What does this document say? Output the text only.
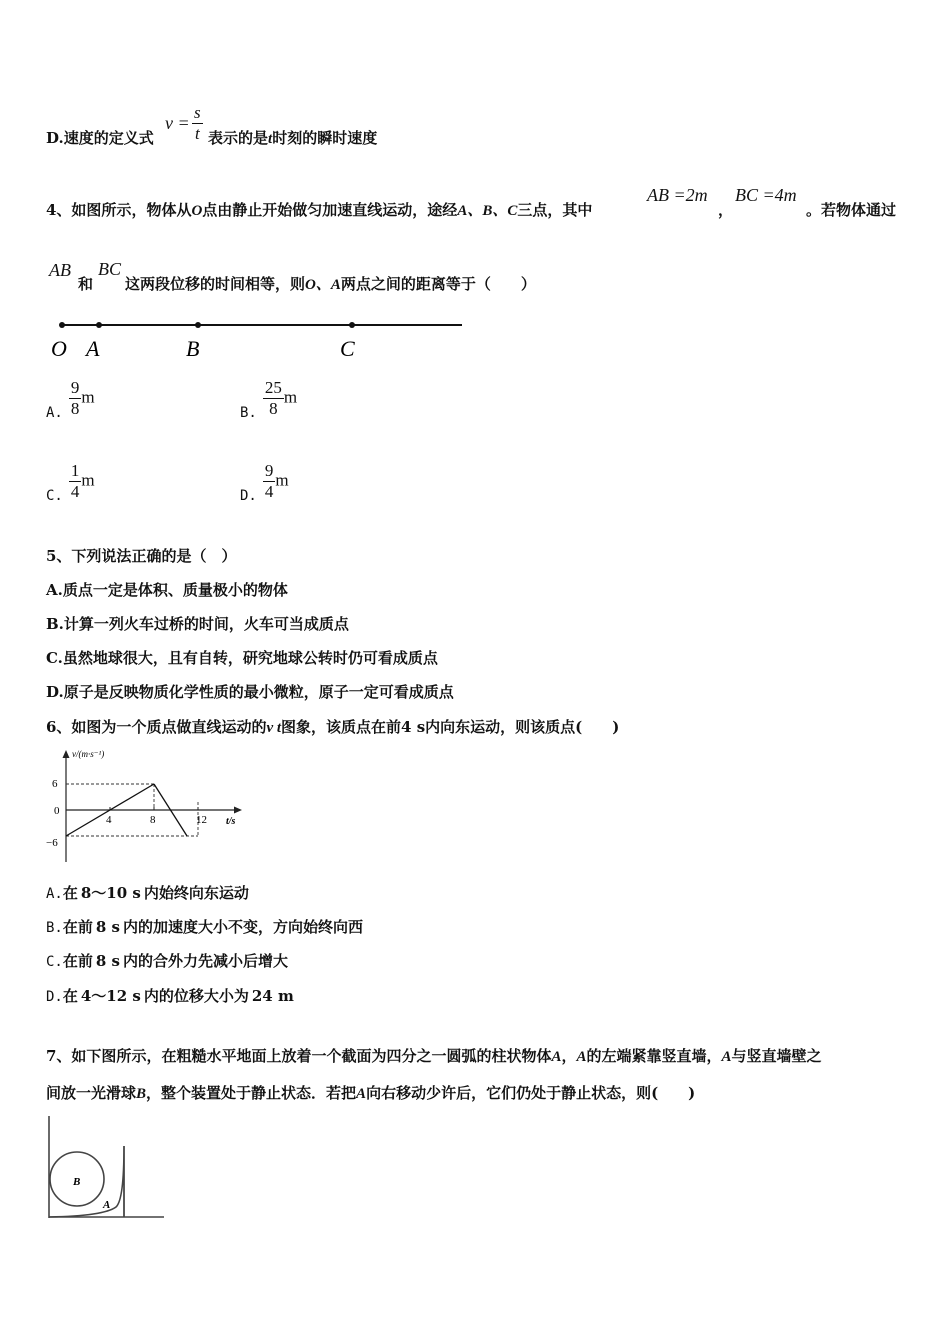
D.速度的定义式
$v = \frac{s}{t}$ 表示的是t时刻的瞬时速度
4、如图所示，物体从O点由静止开始做匀加速直线运动，途经A、B、C三点，其中
AB =2m
，
BC =4m
。若物体通过
AB
和
BC
这两段位移的时间相等，则O、A两点之间的距离等于（　　）
O A	B	C
A. $\frac{9}{8}$ m
B. $\frac{25}{8}$ m
C. $\frac{1}{4}$ m
D. $\frac{9}{4}$ m
5、下列说法正确的是（　）
A.质点一定是体积、质量极小的物体
B.计算一列火车过桥的时间，火车可当成质点
C.虽然地球很大，且有自转，研究地球公转时仍可看成质点
D.原子是反映物质化学性质的最小微粒，原子一定可看成质点
6、如图为一个质点做直线运动的v t图象，该质点在前4 s内向东运动，则该质点(　　)
v/(m·s⁻¹)
t/s
6
0
−6
4	8	12
A.在 8～10 s 内始终向东运动
B.在前 8 s 内的加速度大小不变，方向始终向西
C.在前 8 s 内的合外力先减小后增大
D.在 4～12 s 内的位移大小为 24 m
7、如下图所示，在粗糙水平地面上放着一个截面为四分之一圆弧的柱状物体A，A的左端紧靠竖直墙，A与竖直墙壁之
间放一光滑球B，整个装置处于静止状态．若把A向右移动少许后，它们仍处于静止状态，则(　　)
B
A
